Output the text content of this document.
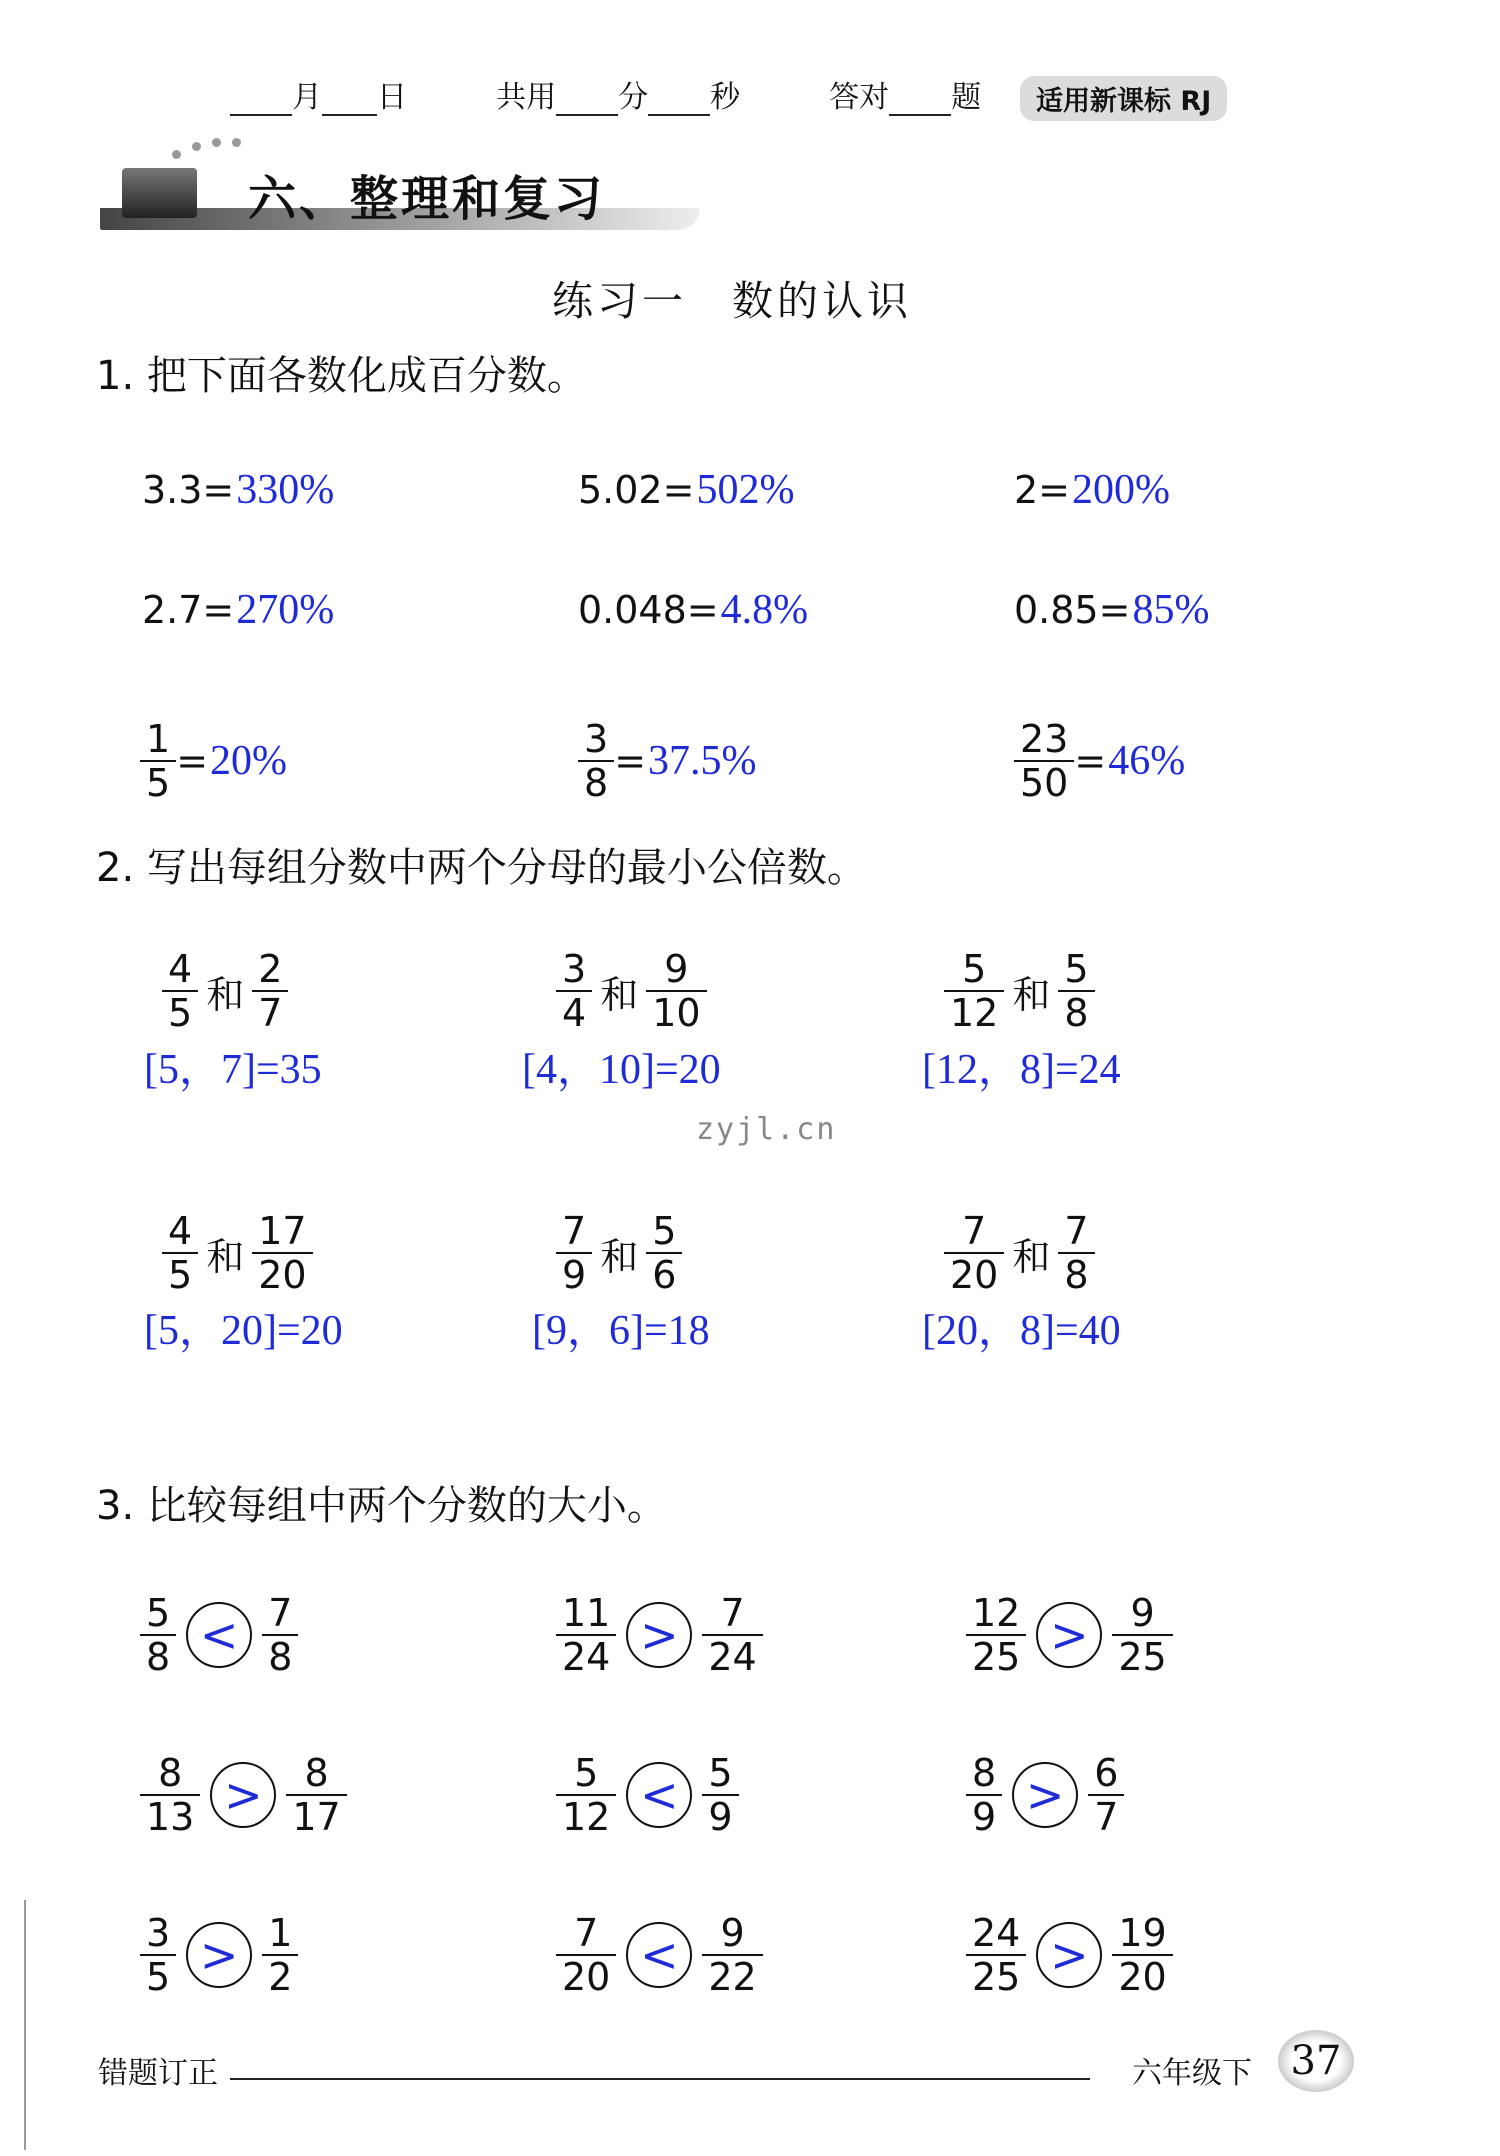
月 日	共用 分 秒	答对 题	适用新课标 RJ
六、整理和复习
练习一　数的认识
1. 把下面各数化成百分数。
3.3= 330%	5.02= 502%	2= 200%
2.7= 270%	0.048= 4.8%	0.85= 85%
$\frac{1}{5} = 20\%$	$\frac{3}{8} = 37.5\%$	$\frac{23}{50} = 46\%$
2. 写出每组分数中两个分母的最小公倍数。
$\frac{4}{5}$ 和 $\frac{2}{7}$
[5，7]=35
$\frac{3}{4}$ 和 $\frac{9}{10}$
[4，10]=20
$\frac{5}{12}$ 和 $\frac{5}{8}$
[12，8]=24
zyjl.cn
$\frac{4}{5}$ 和 $\frac{17}{20}$
[5，20]=20
$\frac{7}{9}$ 和 $\frac{5}{6}$
[9，6]=18
$\frac{7}{20}$ 和 $\frac{7}{8}$
[20，8]=40
3. 比较每组中两个分数的大小。
$\frac{5}{8} < \frac{7}{8}$	$\frac{11}{24} > \frac{7}{24}$	$\frac{12}{25} > \frac{9}{25}$
$\frac{8}{13} > \frac{8}{17}$	$\frac{5}{12} < \frac{5}{9}$	$\frac{8}{9} > \frac{6}{7}$
$\frac{3}{5} > \frac{1}{2}$	$\frac{7}{20} < \frac{9}{22}$	$\frac{24}{25} > \frac{19}{20}$
错题订正	六年级下 37
